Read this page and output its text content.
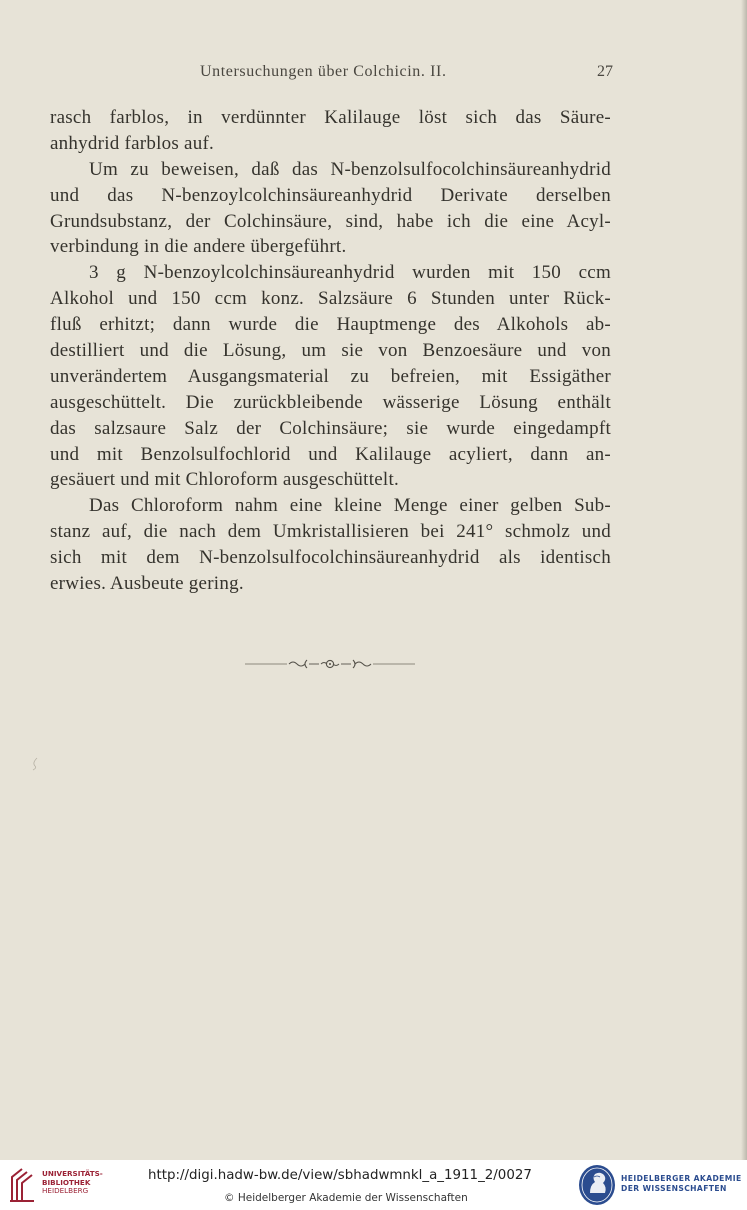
Untersuchungen über Colchicin. II.	27
rasch farblos, in verdünnter Kalilauge löst sich das Säure-
anhydrid farblos auf.
Um zu beweisen, daß das N-benzolsulfocolchinsäureanhydrid
und das N-benzoylcolchinsäureanhydrid Derivate derselben
Grundsubstanz, der Colchinsäure, sind, habe ich die eine Acyl-
verbindung in die andere übergeführt.
3 g N-benzoylcolchinsäureanhydrid wurden mit 150 ccm
Alkohol und 150 ccm konz. Salzsäure 6 Stunden unter Rück-
fluß erhitzt; dann wurde die Hauptmenge des Alkohols ab-
destilliert und die Lösung, um sie von Benzoesäure und von
unverändertem Ausgangsmaterial zu befreien, mit Essigäther
ausgeschüttelt. Die zurückbleibende wässerige Lösung enthält
das salzsaure Salz der Colchinsäure; sie wurde eingedampft
und mit Benzolsulfochlorid und Kalilauge acyliert, dann an-
gesäuert und mit Chloroform ausgeschüttelt.
Das Chloroform nahm eine kleine Menge einer gelben Sub-
stanz auf, die nach dem Umkristallisieren bei 241° schmolz und
sich mit dem N-benzolsulfocolchinsäureanhydrid als identisch
erwies. Ausbeute gering.
UNIVERSITÄTS-
BIBLIOTHEK
HEIDELBERG
http://digi.hadw-bw.de/view/sbhadwmnkl_a_1911_2/0027
© Heidelberger Akademie der Wissenschaften
HEIDELBERGER AKADEMIE
DER WISSENSCHAFTEN
